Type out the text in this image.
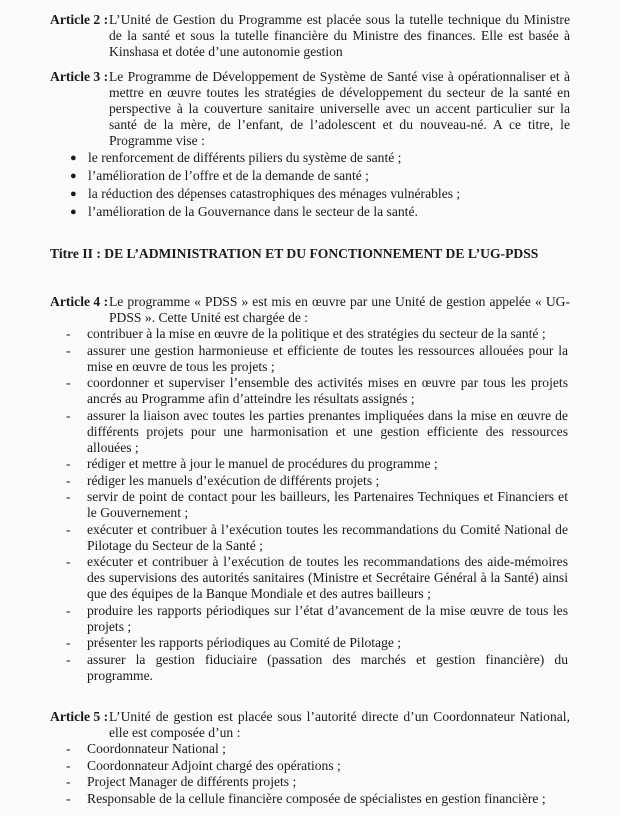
Article 2 : L’Unité de Gestion du Programme est placée sous la tutelle technique du Ministre de la santé et sous la tutelle financière du Ministre des finances. Elle est basée à Kinshasa et dotée d’une autonomie gestion
Article 3 : Le Programme de Développement de Système de Santé vise à opérationnaliser et à mettre en œuvre toutes les stratégies de développement du secteur de la santé en perspective à la couverture sanitaire universelle avec un accent particulier sur la santé de la mère, de l’enfant, de l’adolescent et du nouveau-né. A ce titre, le Programme vise :
● le renforcement de différents piliers du système de santé ;
● l’amélioration de l’offre et de la demande de santé ;
● la réduction des dépenses catastrophiques des ménages vulnérables ;
● l’amélioration de la Gouvernance dans le secteur de la santé.
Titre II : DE L’ADMINISTRATION ET DU FONCTIONNEMENT DE L’UG-PDSS
Article 4 : Le programme « PDSS » est mis en œuvre par une Unité de gestion appelée « UG-PDSS ». Cette Unité est chargée de :
- contribuer à la mise en œuvre de la politique et des stratégies du secteur de la santé ;
- assurer une gestion harmonieuse et efficiente de toutes les ressources allouées pour la mise en œuvre de tous les projets ;
- coordonner et superviser l’ensemble des activités mises en œuvre par tous les projets ancrés au Programme afin d’atteindre les résultats assignés ;
- assurer la liaison avec toutes les parties prenantes impliquées dans la mise en œuvre de différents projets pour une harmonisation et une gestion efficiente des ressources allouées ;
- rédiger et mettre à jour le manuel de procédures du programme ;
- rédiger les manuels d’exécution de différents projets ;
- servir de point de contact pour les bailleurs, les Partenaires Techniques et Financiers et le Gouvernement ;
- exécuter et contribuer à l’exécution toutes les recommandations du Comité National de Pilotage du Secteur de la Santé ;
- exécuter et contribuer à l’exécution de toutes les recommandations des aide-mémoires des supervisions des autorités sanitaires (Ministre et Secrétaire Général à la Santé) ainsi que des équipes de la Banque Mondiale et des autres bailleurs ;
- produire les rapports périodiques sur l’état d’avancement de la mise œuvre de tous les projets ;
- présenter les rapports périodiques au Comité de Pilotage ;
- assurer la gestion fiduciaire (passation des marchés et gestion financière) du programme.
Article 5 : L’Unité de gestion est placée sous l’autorité directe d’un Coordonnateur National, elle est composée d’un :
- Coordonnateur National ;
- Coordonnateur Adjoint chargé des opérations ;
- Project Manager de différents projets ;
- Responsable de la cellule financière composée de spécialistes en gestion financière ;
